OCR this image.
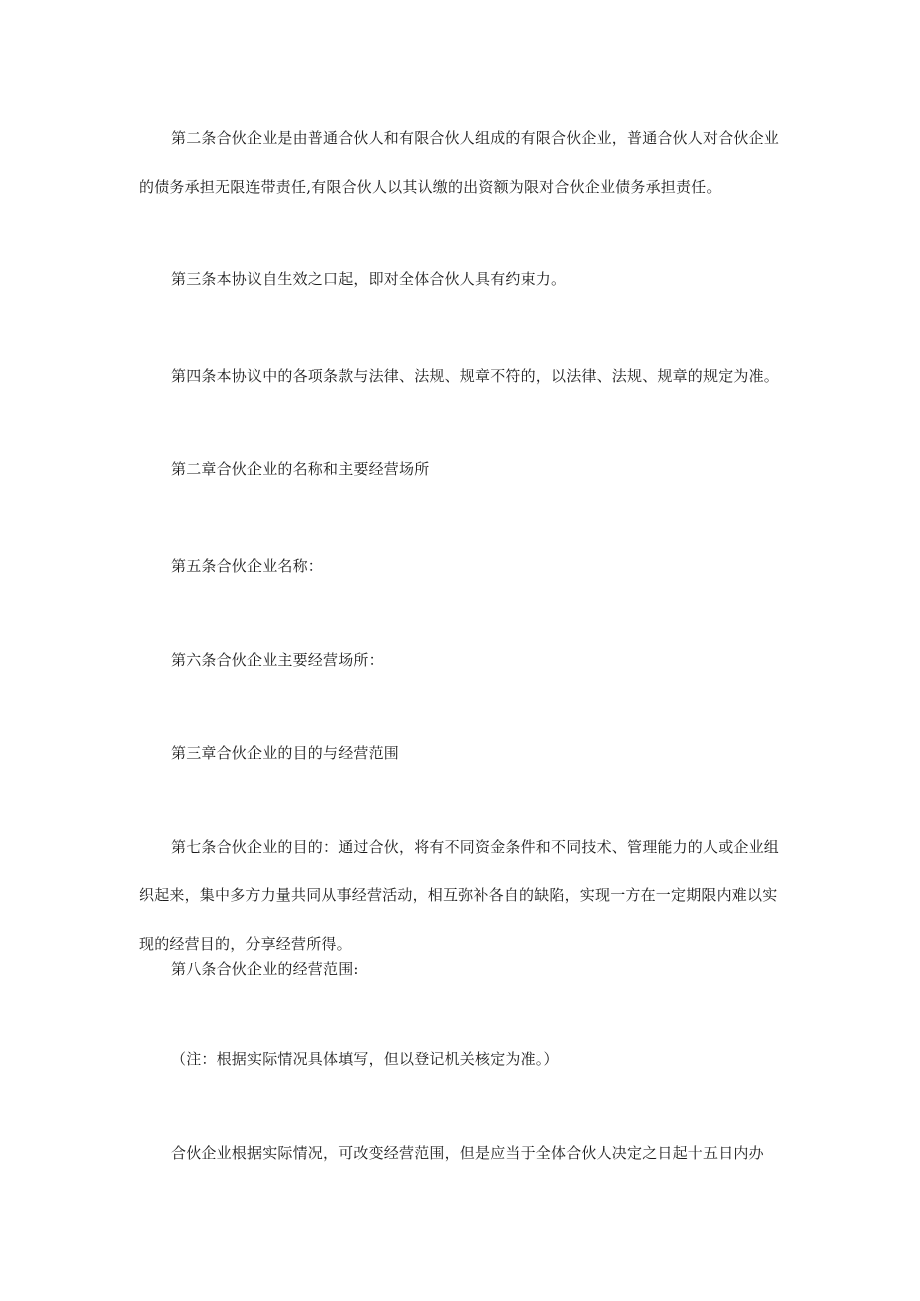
第二条合伙企业是由普通合伙人和有限合伙人组成的有限合伙企业，普通合伙人对合伙企业
的债务承担无限连带责任,有限合伙人以其认缴的出资额为限对合伙企业债务承担责任。
第三条本协议自生效之口起，即对全体合伙人具有约束力。
第四条本协议中的各项条款与法律、法规、规章不符的，以法律、法规、规章的规定为准。
第二章合伙企业的名称和主要经营场所
第五条合伙企业名称：
第六条合伙企业主要经营场所：
第三章合伙企业的目的与经营范围
第七条合伙企业的目的：通过合伙，将有不同资金条件和不同技术、管理能力的人或企业组
织起来，集中多方力量共同从事经营活动，相互弥补各自的缺陷，实现一方在一定期限内难以实
现的经营目的，分享经营所得。
第八条合伙企业的经营范围:
（注：根据实际情况具体填写，但以登记机关核定为准。）
合伙企业根据实际情况，可改变经营范围，但是应当于全体合伙人决定之日起十五日内办
